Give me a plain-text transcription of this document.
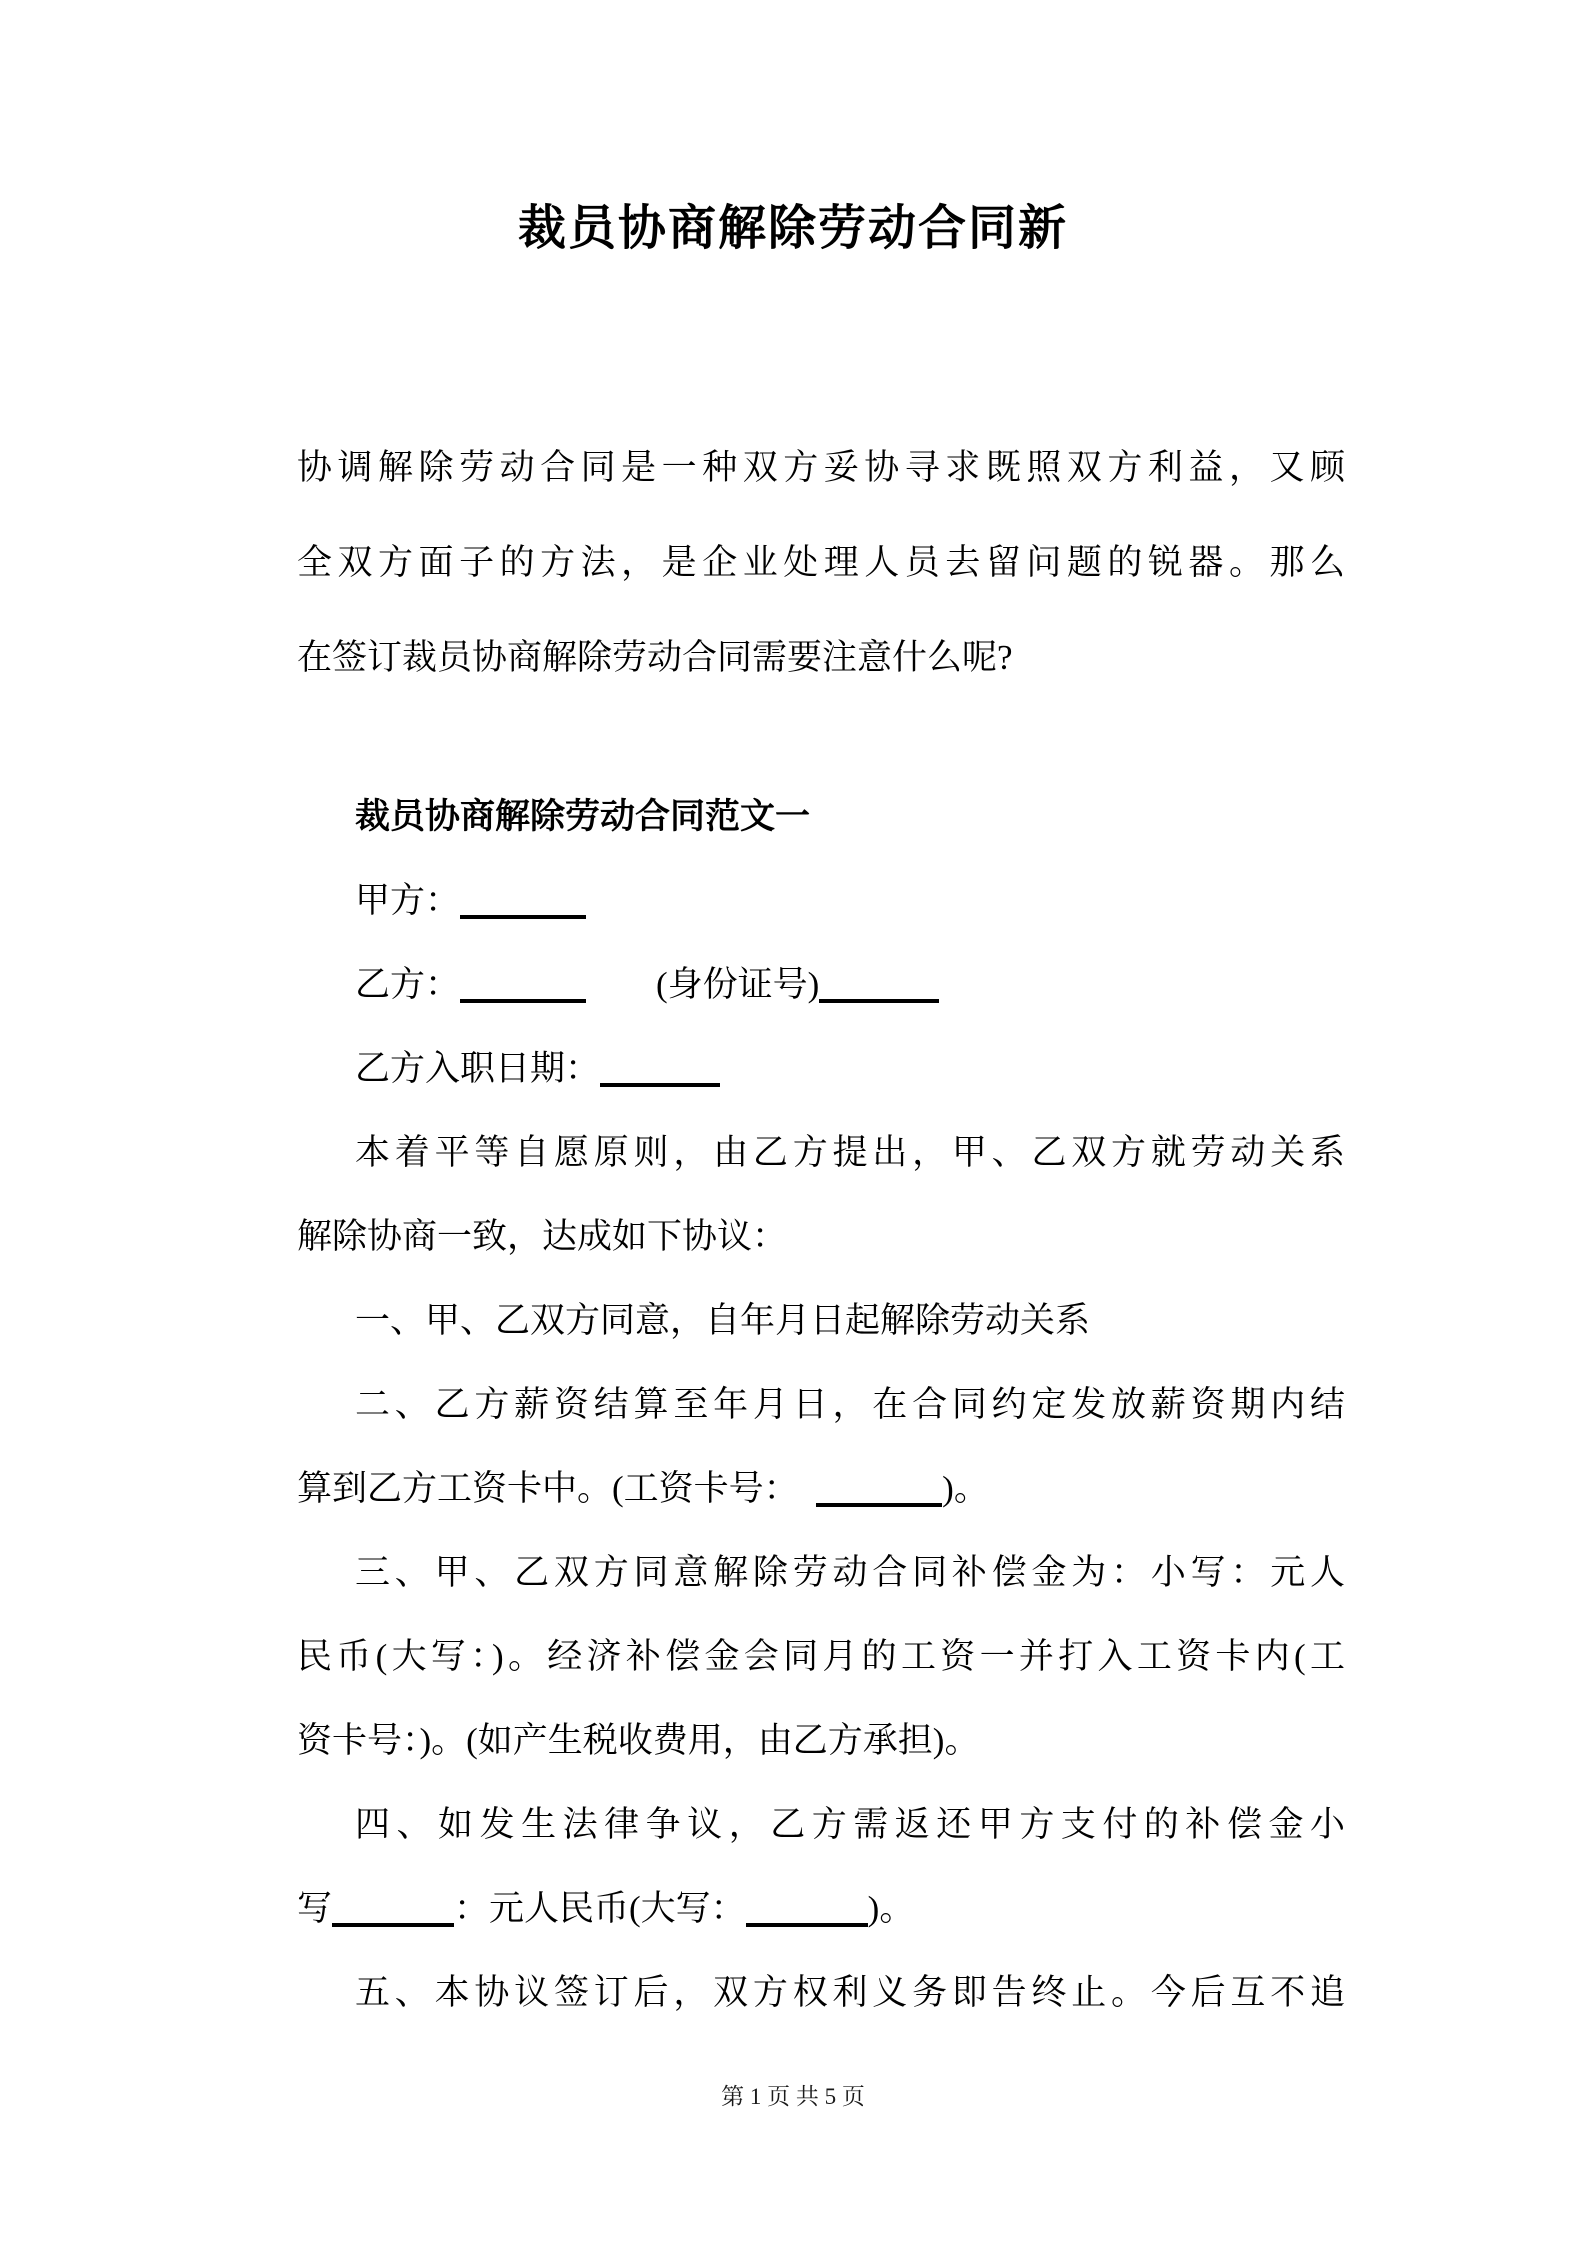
裁员协商解除劳动合同新
协调解除劳动合同是一种双方妥协寻求既照双方利益，又顾
全双方面子的方法，是企业处理人员去留问题的锐器。那么
在签订裁员协商解除劳动合同需要注意什么呢?
裁员协商解除劳动合同范文一
甲方：
乙方：	　　(身份证号)
乙方入职日期：
本着平等自愿原则，由乙方提出，甲、乙双方就劳动关系
解除协商一致，达成如下协议：
一、甲、乙双方同意，自年月日起解除劳动关系
二、乙方薪资结算至年月日，在合同约定发放薪资期内结
算到乙方工资卡中。(工资卡号：　	)。
三、甲、乙双方同意解除劳动合同补偿金为：小写：元人
民币(大写：)。经济补偿金会同月的工资一并打入工资卡内(工
资卡号：)。(如产生税收费用，由乙方承担)。
四、如发生法律争议，乙方需返还甲方支付的补偿金小
写	：元人民币(大写：	)。
五、本协议签订后，双方权利义务即告终止。今后互不追
第 1 页 共 5 页
